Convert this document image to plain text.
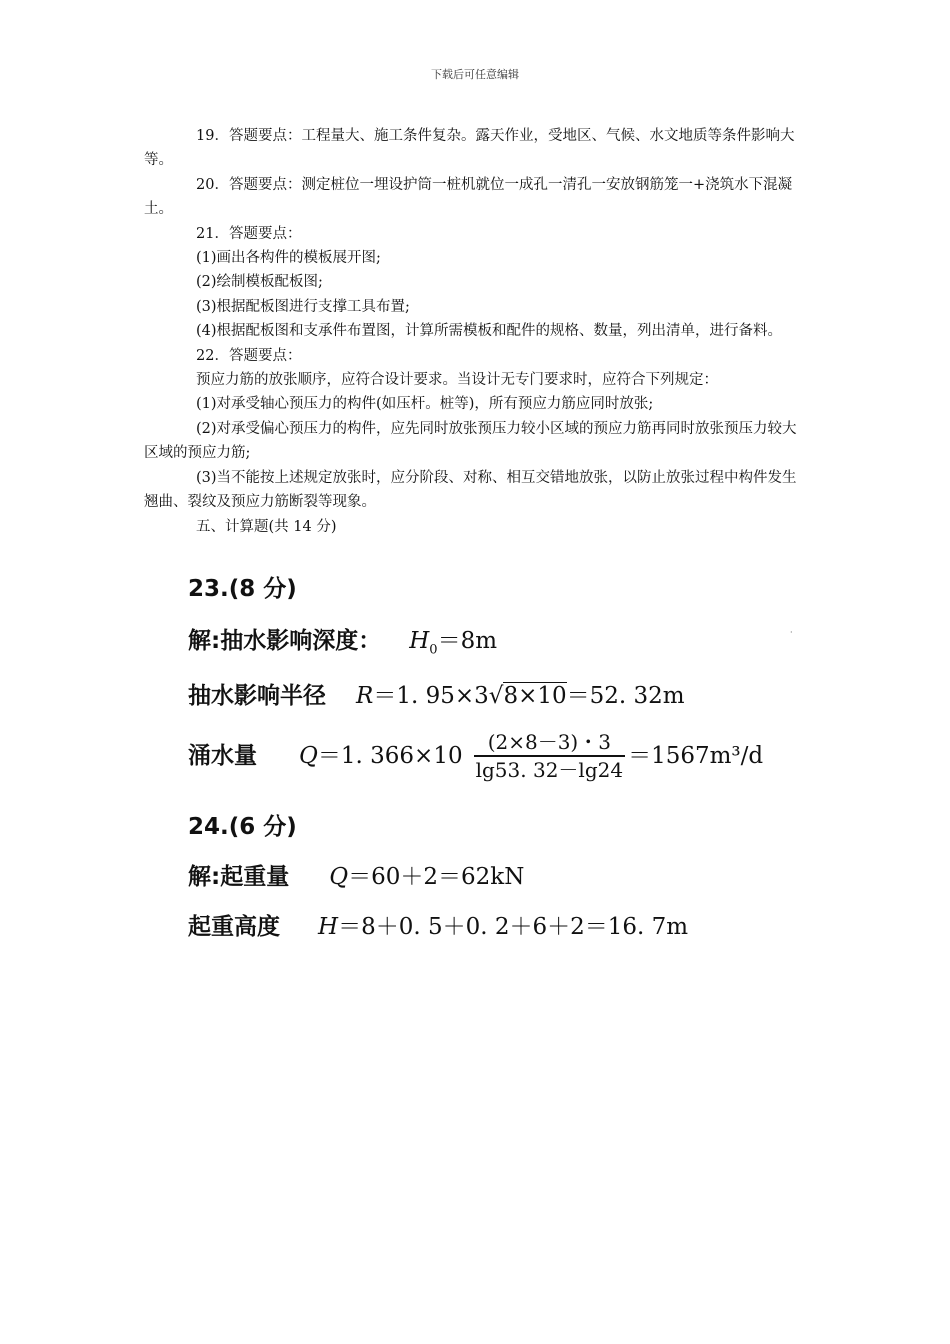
下载后可任意编辑

19．答题要点：工程量大、施工条件复杂。露天作业，受地区、气候、水文地质等条件影响大等。

20．答题要点：测定桩位一埋设护筒一桩机就位一成孔一清孔一安放钢筋笼一+浇筑水下混凝土。

21．答题要点：

(1)画出各构件的模板展开图;

(2)绘制模板配板图;

(3)根据配板图进行支撑工具布置;

(4)根据配板图和支承件布置图，计算所需模板和配件的规格、数量，列出清单，进行备料。

22．答题要点：

预应力筋的放张顺序，应符合设计要求。当设计无专门要求时，应符合下列规定：

(1)对承受轴心预压力的构件(如压杆。桩等)，所有预应力筋应同时放张;

(2)对承受偏心预压力的构件，应先同时放张预压力较小区域的预应力筋再同时放张预压力较大区域的预应力筋;

(3)当不能按上述规定放张时，应分阶段、对称、相互交错地放张，以防止放张过程中构件发生翘曲、裂纹及预应力筋断裂等现象。

五、计算题(共 14 分)

23.(8 分)
解:抽水影响深度： $H_0=8m$
抽水影响半径 R＝1. 95×3√8×10＝52. 32m
涌水量 Q＝1. $366\times 10 \frac{(2\times 8-3)・3}{\lg 53. 32-\lg 24} =1567m^3/d$
24.(6 分)
解:起重量 Q＝60＋2＝62kN
起重高度 H＝8＋0. 5＋0. 2＋6＋2＝16. 7m
·
